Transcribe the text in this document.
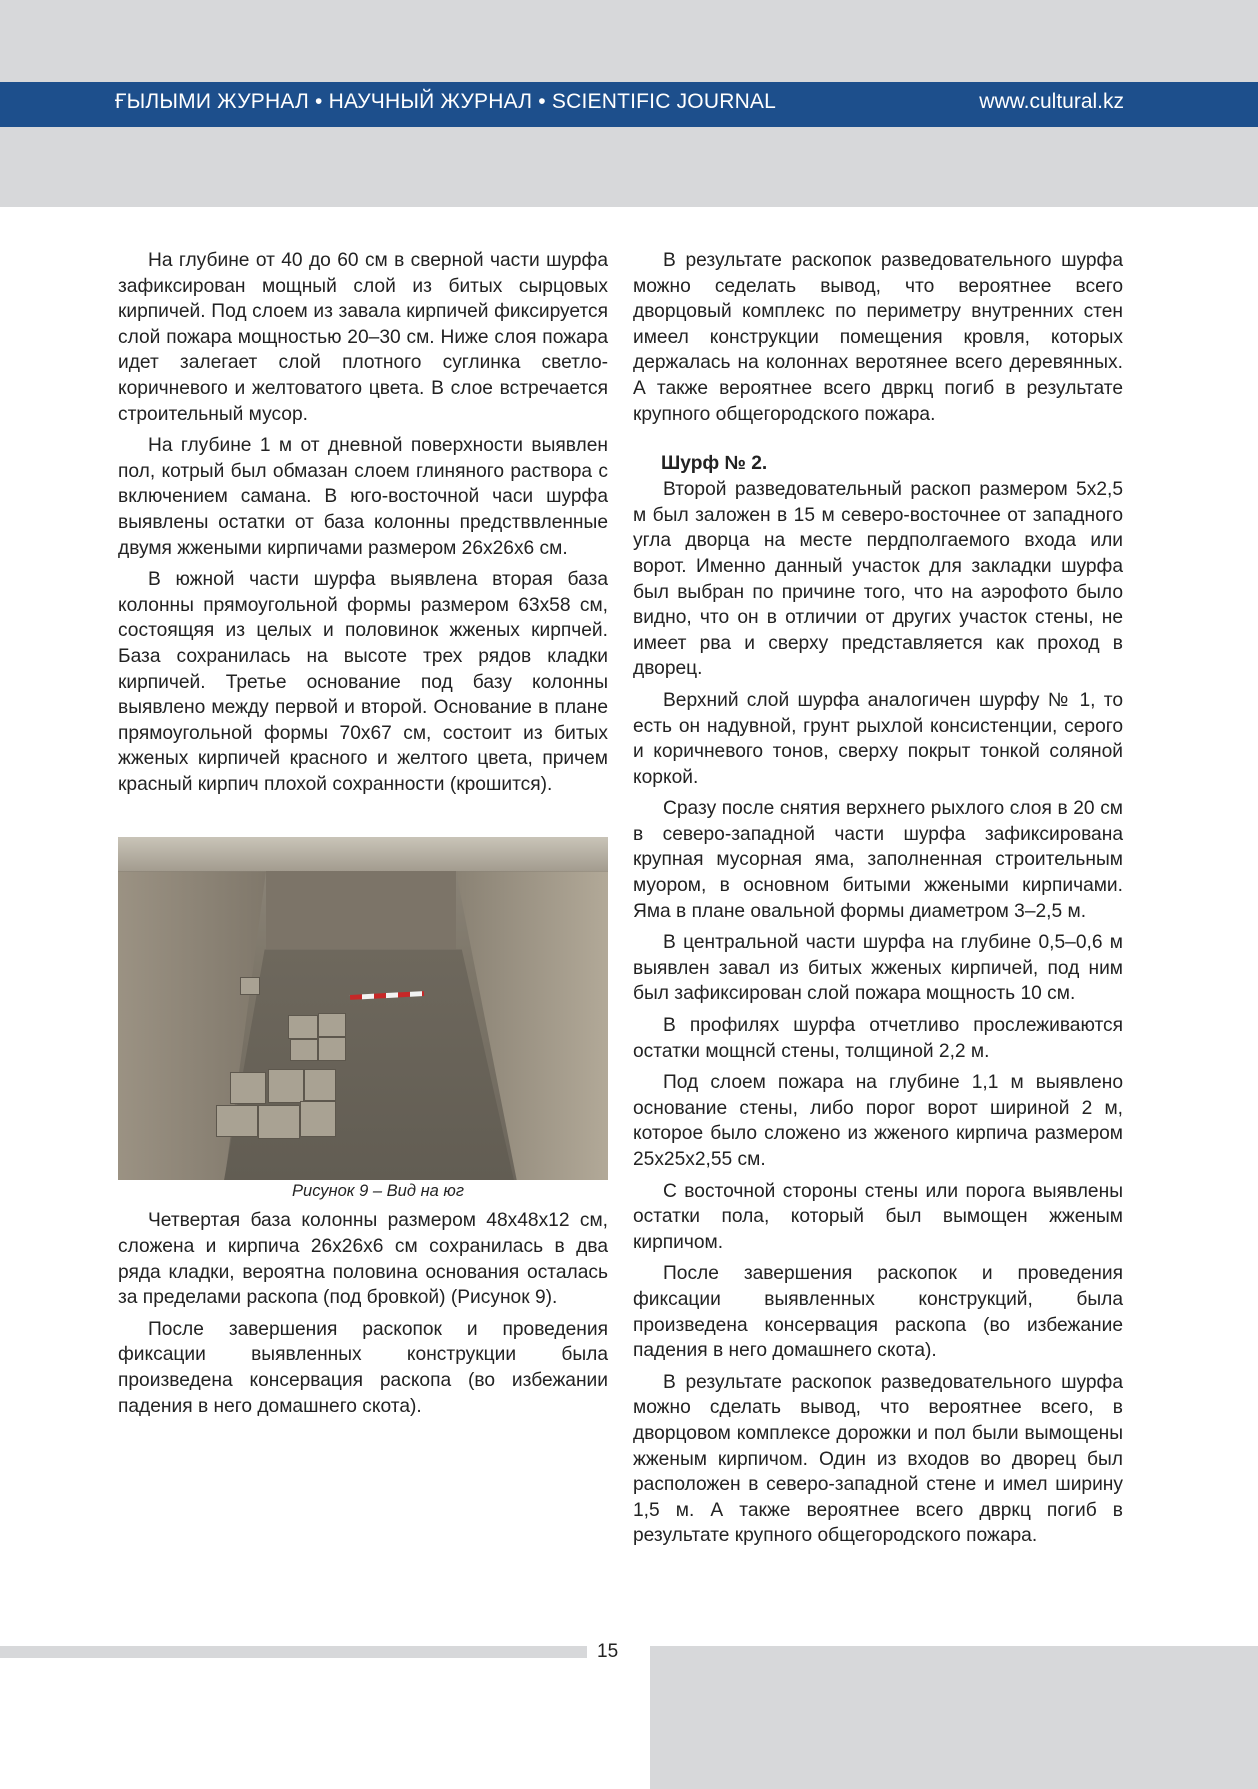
ҒЫЛЫМИ ЖУРНАЛ • НАУЧНЫЙ ЖУРНАЛ • SCIENTIFIC JOURNAL	www.cultural.kz

На глубине от 40 до 60 см в сверной части шурфа зафиксирован мощный слой из битых сырцовых кирпичей. Под слоем из завала кирпичей фиксируется слой пожара мощностью 20–30 см. Ниже слоя пожара идет залегает слой плотного суглинка светло-коричневого и желтоватого цвета. В слое встречается строительный мусор.

На глубине 1 м от дневной поверхности выявлен пол, котрый был обмазан слоем глиняного раствора с включением самана. В юго-восточной часи шурфа выявлены остатки от база колонны предстввленные двумя жжеными кирпичами размером 26х26х6 см.

В южной части шурфа выявлена вторая база колонны прямоугольной формы размером 63х58 см, состоящяя из целых и половинок жженых кирпчей. База сохранилась на высоте трех рядов кладки кирпичей. Третье основание под базу колонны выявлено между первой и второй. Основание в плане прямоугольной формы 70х67 см, состоит из битых жженых кирпичей красного и желтого цвета, причем красный кирпич плохой сохранности (крошится).

Рисунок 9 – Вид на юг

Четвертая база колонны размером 48х48х12 см, сложена и кирпича 26х26х6 см сохранилась в два ряда кладки, вероятна половина основания осталась за пределами раскопа (под бровкой) (Рисунок 9).

После завершения раскопок и проведения фиксации выявленных конструкции была произведена консервация раскопа (во избежании падения в него домашнего скота).

В результате раскопок разведовательного шурфа можно седелать вывод, что вероятнее всего дворцовый комплекс по периметру внутренних стен имеел конструкции помещения кровля, которых держалась на колоннах веротянее всего деревянных. А также вероятнее всего двркц погиб в результате крупного общегородского пожара.

Шурф № 2.

Второй разведовательный раскоп размером 5х2,5 м был заложен в 15 м северо-восточнее от западного угла дворца на месте пердполгаемого входа или ворот. Именно данный участок для закладки шурфа был выбран по причине того, что на аэрофото было видно, что он в отличии от других участок стены, не имеет рва и сверху представляется как проход в дворец.

Верхний слой шурфа аналогичен шурфу № 1, то есть он надувной, грунт рыхлой консистенции, серого и коричневого тонов, сверху покрыт тонкой соляной коркой.

Сразу после снятия верхнего рыхлого слоя в 20 см в северо-западной части шурфа зафиксирована крупная мусорная яма, заполненная строительным муором, в основном битыми жжеными кирпичами. Яма в плане овальной формы диаметром 3–2,5 м.

В центральной части шурфа на глубине 0,5–0,6 м выявлен завал из битых жженых кирпичей, под ним был зафиксирован слой пожара мощность 10 см.

В профилях шурфа отчетливо прослеживаются остатки мощнсй стены, толщиной 2,2 м.

Под слоем пожара на глубине 1,1 м выявлено основание стены, либо порог ворот шириной 2 м, которое было сложено из жженого кирпича размером 25х25х2,55 см.

С восточной стороны стены или порога выявлены остатки пола, который был вымощен жженым кирпичом.

После завершения раскопок и проведения фиксации выявленных конструкций, была произведена консервация раскопа (во избежание падения в него домашнего скота).

В результате раскопок разведовательного шурфа можно сделать вывод, что вероятнее всего, в дворцовом комплексе дорожки и пол были вымощены жженым кирпичом. Один из входов во дворец был расположен в северо-западной стене и имел ширину 1,5 м. А также вероятнее всего двркц погиб в результате крупного общегородского пожара.

15
